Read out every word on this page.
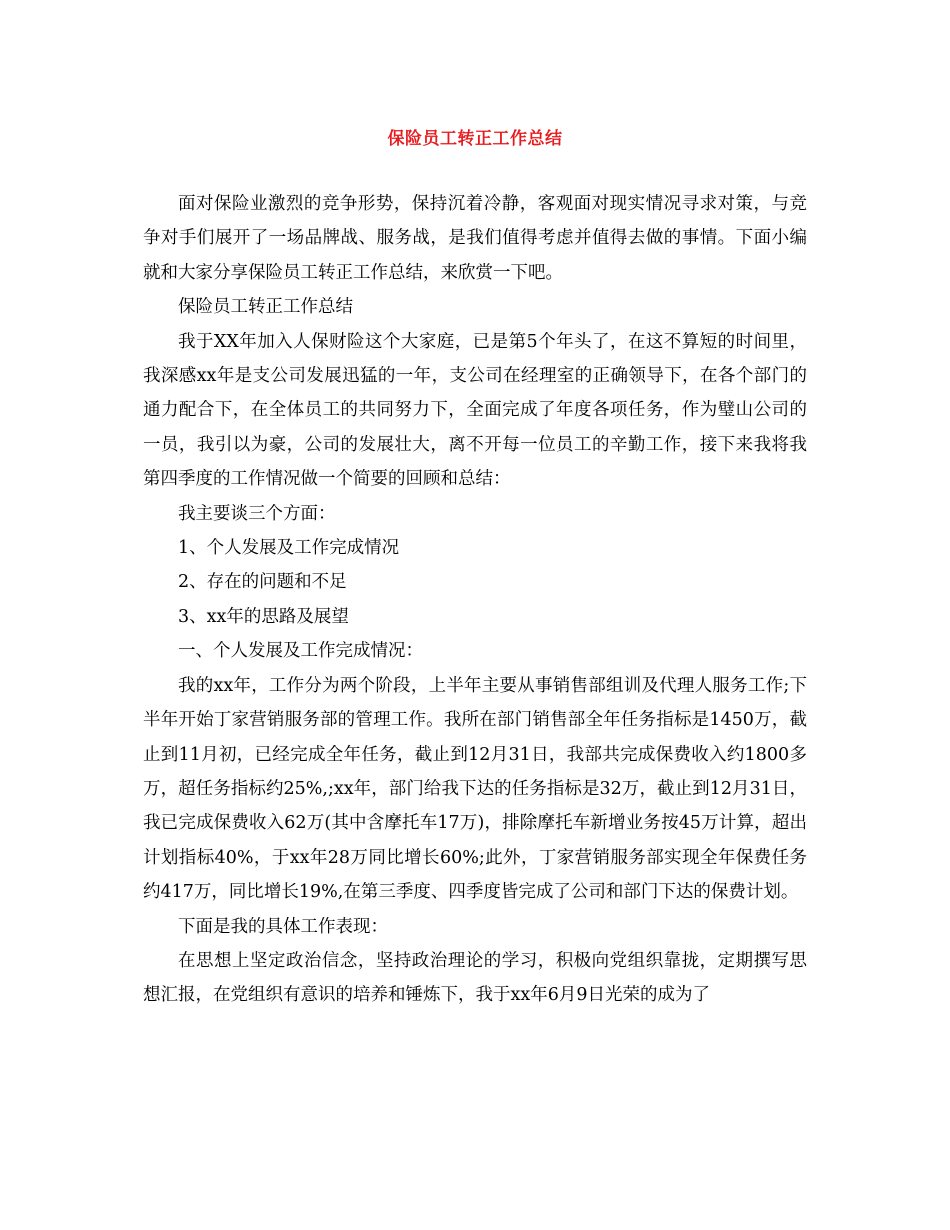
保险员工转正工作总结

面对保险业激烈的竞争形势，保持沉着冷静，客观面对现实情况寻求对策，与竞争对手们展开了一场品牌战、服务战，是我们值得考虑并值得去做的事情。下面小编就和大家分享保险员工转正工作总结，来欣赏一下吧。

保险员工转正工作总结

我于XX年加入人保财险这个大家庭，已是第5个年头了，在这不算短的时间里，我深感xx年是支公司发展迅猛的一年，支公司在经理室的正确领导下，在各个部门的通力配合下，在全体员工的共同努力下，全面完成了年度各项任务，作为璧山公司的一员，我引以为豪，公司的发展壮大，离不开每一位员工的辛勤工作，接下来我将我第四季度的工作情况做一个简要的回顾和总结：

我主要谈三个方面：

1、个人发展及工作完成情况

2、存在的问题和不足

3、xx年的思路及展望

一、个人发展及工作完成情况：

我的xx年，工作分为两个阶段，上半年主要从事销售部组训及代理人服务工作;下半年开始丁家营销服务部的管理工作。我所在部门销售部全年任务指标是1450万，截止到11月初，已经完成全年任务，截止到12月31日，我部共完成保费收入约1800多万，超任务指标约25%,;xx年，部门给我下达的任务指标是32万，截止到12月31日，我已完成保费收入62万(其中含摩托车17万)，排除摩托车新增业务按45万计算，超出计划指标40%，于xx年28万同比增长60%;此外，丁家营销服务部实现全年保费任务约417万，同比增长19%,在第三季度、四季度皆完成了公司和部门下达的保费计划。

下面是我的具体工作表现：

在思想上坚定政治信念，坚持政治理论的学习，积极向党组织靠拢，定期撰写思想汇报，在党组织有意识的培养和锤炼下，我于xx年6月9日光荣的成为了
